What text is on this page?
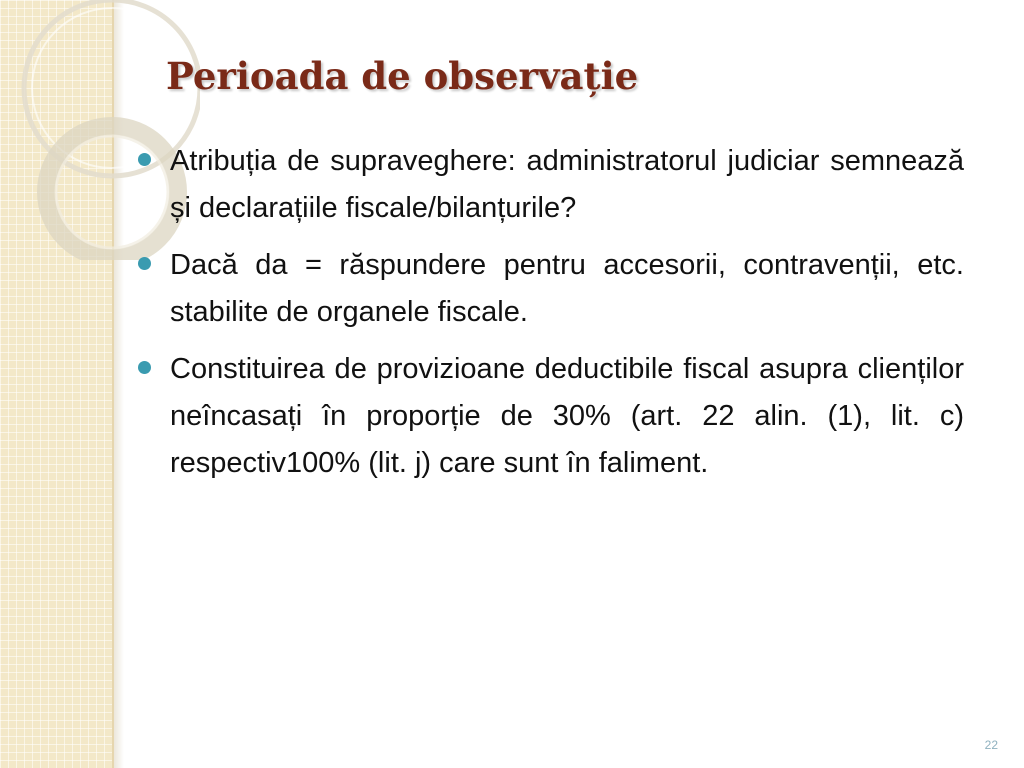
Perioada de observație
Atribuția de supraveghere: administratorul judiciar semnează și declarațiile fiscale/bilanțurile?
Dacă da = răspundere pentru accesorii, contravenții, etc. stabilite de organele fiscale.
Constituirea de provizioane deductibile fiscal asupra clienților neîncasați în proporție de 30% (art. 22 alin. (1), lit. c) respectiv100% (lit. j) care sunt în faliment.
22
